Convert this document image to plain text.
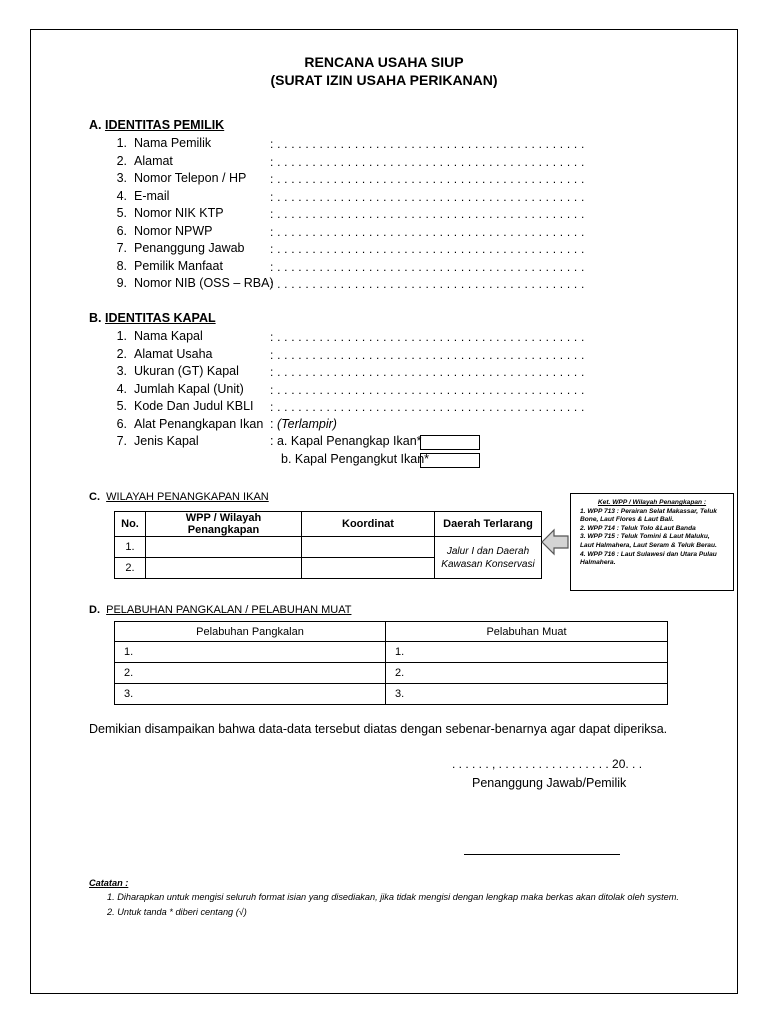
RENCANA USAHA SIUP
(SURAT IZIN USAHA PERIKANAN)
A. IDENTITAS PEMILIK
1. Nama Pemilik	: . . . . . . . . . . . . . . . . . . . . . . . . . . . . . . . . . . . . . . . . . . . .
2. Alamat	: . . . . . . . . . . . . . . . . . . . . . . . . . . . . . . . . . . . . . . . . . . . .
3. Nomor Telepon / HP : . . . . . . . . . . . . . . . . . . . . . . . . . . . . . . . . . . . . . . . . . . . .
4. E-mail	: . . . . . . . . . . . . . . . . . . . . . . . . . . . . . . . . . . . . . . . . . . . .
5. Nomor NIK KTP	: . . . . . . . . . . . . . . . . . . . . . . . . . . . . . . . . . . . . . . . . . . . .
6. Nomor NPWP	: . . . . . . . . . . . . . . . . . . . . . . . . . . . . . . . . . . . . . . . . . . . .
7. Penanggung Jawab : . . . . . . . . . . . . . . . . . . . . . . . . . . . . . . . . . . . . . . . . . . . .
8. Pemilik Manfaat	: . . . . . . . . . . . . . . . . . . . . . . . . . . . . . . . . . . . . . . . . . . . .
9. Nomor NIB (OSS – RBA)
: . . . . . . . . . . . . . . . . . . . . . . . . . . . . . . . . . . . . . . . . . . . .
B. IDENTITAS KAPAL
1. Nama Kapal	: . . . . . . . . . . . . . . . . . . . . . . . . . . . . . . . . . . . . . . . . . . . .
2. Alamat Usaha	: . . . . . . . . . . . . . . . . . . . . . . . . . . . . . . . . . . . . . . . . . . . .
3. Ukuran (GT) Kapal	: . . . . . . . . . . . . . . . . . . . . . . . . . . . . . . . . . . . . . . . . . . . .
4. Jumlah Kapal (Unit) : . . . . . . . . . . . . . . . . . . . . . . . . . . . . . . . . . . . . . . . . . . . .
5. Kode Dan Judul KBLI : . . . . . . . . . . . . . . . . . . . . . . . . . . . . . . . . . . . . . . . . . . . .
6. Alat Penangkapan Ikan : (Terlampir)
7. Jenis Kapal	: a. Kapal Penangkap Ikan*
b. Kapal Pengangkut Ikan*
C. WILAYAH PENANGKAPAN IKAN
No.	WPP / Wilayah Penangkapan	Koordinat	Daerah Terlarang
1.			Jalur I dan Daerah Kawasan Konservasi
2.			
Ket. WPP / Wilayah Penangkapan :
1. WPP 713 : Perairan Selat Makassar, Teluk Bone, Laut Flores & Laut Bali.
2. WPP 714 : Teluk Tolo &Laut Banda
3. WPP 715 : Teluk Tomini & Laut Maluku, Laut Halmahera, Laut Seram & Teluk Berau.
4. WPP 716 : Laut Sulawesi dan Utara Pulau Halmahera.
D. PELABUHAN PANGKALAN / PELABUHAN MUAT
Pelabuhan Pangkalan	Pelabuhan Muat
1.	1.
2.	2.
3.	3.
Demikian disampaikan bahwa data-data tersebut diatas dengan sebenar-benarnya agar dapat diperiksa.
. . . . . . , . . . . . . . . . . . . . . . . . 20. . .
Penanggung Jawab/Pemilik
Catatan :
1. Diharapkan untuk mengisi seluruh format isian yang disediakan, jika tidak mengisi dengan lengkap maka berkas akan ditolak oleh system.
2. Untuk tanda * diberi centang (√)
